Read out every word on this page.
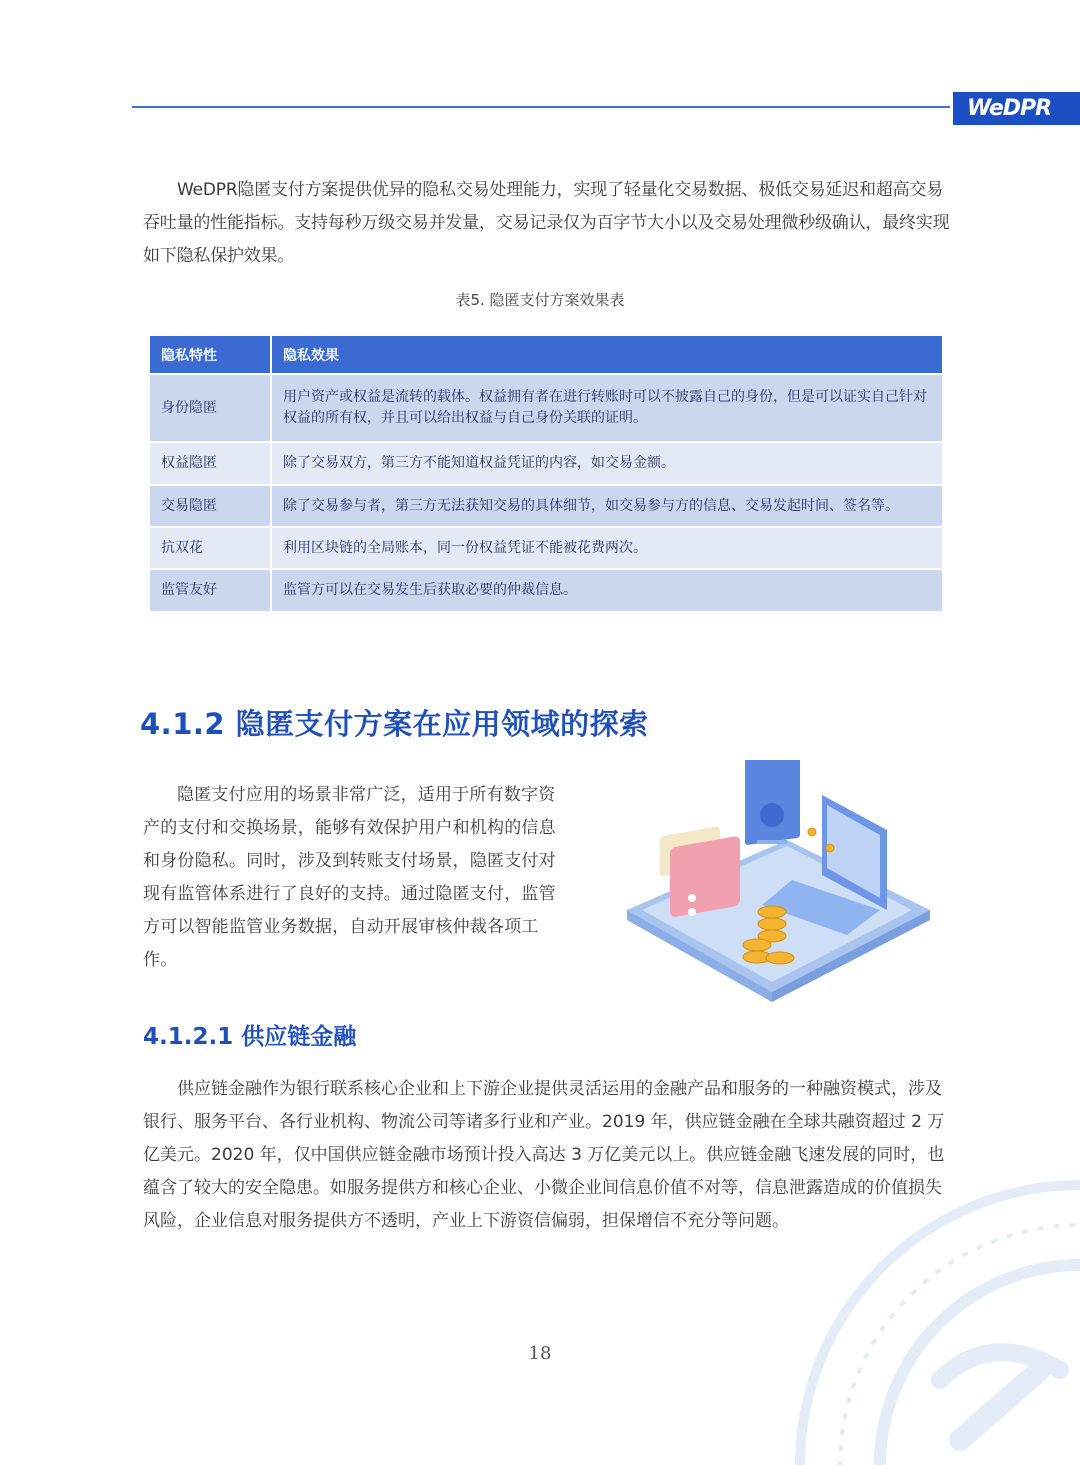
WeDPR

WeDPR隐匿支付方案提供优异的隐私交易处理能力，实现了轻量化交易数据、极低交易延迟和超高交易吞吐量的性能指标。支持每秒万级交易并发量，交易记录仅为百字节大小以及交易处理微秒级确认，最终实现如下隐私保护效果。

表5. 隐匿支付方案效果表
隐私特性	隐私效果
身份隐匿	用户资产或权益是流转的载体。权益拥有者在进行转账时可以不披露自己的身份，但是可以证实自己针对权益的所有权，并且可以给出权益与自己身份关联的证明。
权益隐匿	除了交易双方，第三方不能知道权益凭证的内容，如交易金额。
交易隐匿	除了交易参与者，第三方无法获知交易的具体细节，如交易参与方的信息、交易发起时间、签名等。
抗双花	利用区块链的全局账本，同一份权益凭证不能被花费两次。
监管友好	监管方可以在交易发生后获取必要的仲裁信息。
4.1.2 隐匿支付方案在应用领域的探索

隐匿支付应用的场景非常广泛，适用于所有数字资产的支付和交换场景，能够有效保护用户和机构的信息和身份隐私。同时，涉及到转账支付场景，隐匿支付对现有监管体系进行了良好的支持。通过隐匿支付，监管方可以智能监管业务数据，自动开展审核仲裁各项工作。

4.1.2.1 供应链金融

供应链金融作为银行联系核心企业和上下游企业提供灵活运用的金融产品和服务的一种融资模式，涉及银行、服务平台、各行业机构、物流公司等诸多行业和产业。2019 年，供应链金融在全球共融资超过 2 万亿美元。2020 年，仅中国供应链金融市场预计投入高达 3 万亿美元以上。供应链金融飞速发展的同时，也蕴含了较大的安全隐患。如服务提供方和核心企业、小微企业间信息价值不对等，信息泄露造成的价值损失风险，企业信息对服务提供方不透明，产业上下游资信偏弱，担保增信不充分等问题。

18
